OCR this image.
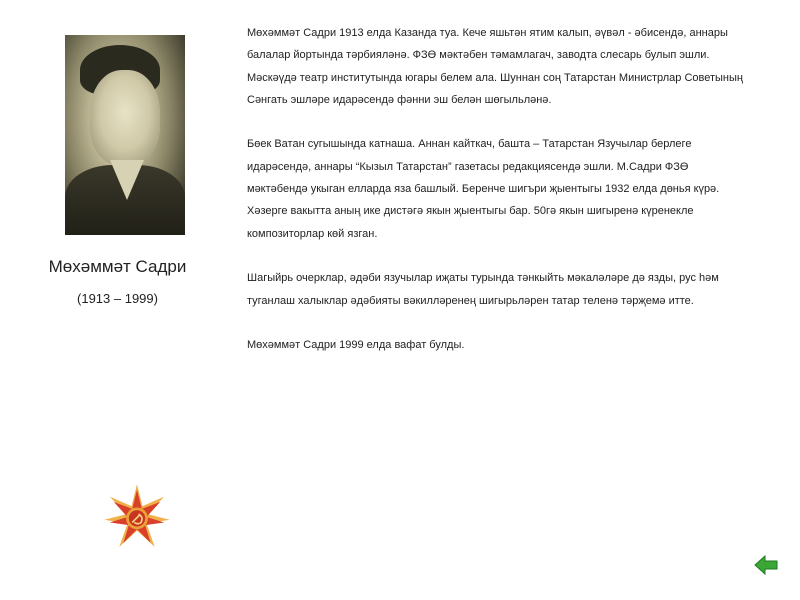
Мөхәммәт Садри
(1913 – 1999)

Мөхәммәт Садри 1913 елда Казанда туа. Кече яшьтән ятим калып, әүвәл - әбисендә, аннары балалар йортында тәрбияләнә. ФЗӨ мәктәбен тәмамлагач, заводта слесарь булып эшли. Мәскәүдә театр институтында югары белем ала. Шуннан соң Татарстан Министрлар Советының Сәнгать эшләре идарәсендә фәнни эш белән шөгыльләнә.

Бөек Ватан сугышында катнаша. Аннан кайткач, башта – Татарстан Язучылар берлеге идарәсендә, аннары “Кызыл Татарстан” газетасы редакциясендә эшли. М.Садри ФЗӨ мәктәбендә укыган елларда яза башлый. Беренче шигъри җыентыгы 1932 елда дөнья күрә. Хәзерге вакытта аның ике дистәгә якын җыентыгы бар. 50гә якын шигыренә күренекле композиторлар көй язган.

Шагыйрь очерклар, әдәби язучылар иҗаты турында тәнкыйть мәкаләләре дә язды, рус һәм туганлаш халыклар әдәбияты вәкилләренең шигырьләрен татар теленә тәрҗемә итте.

Мөхәммәт Садри 1999 елда вафат булды.
